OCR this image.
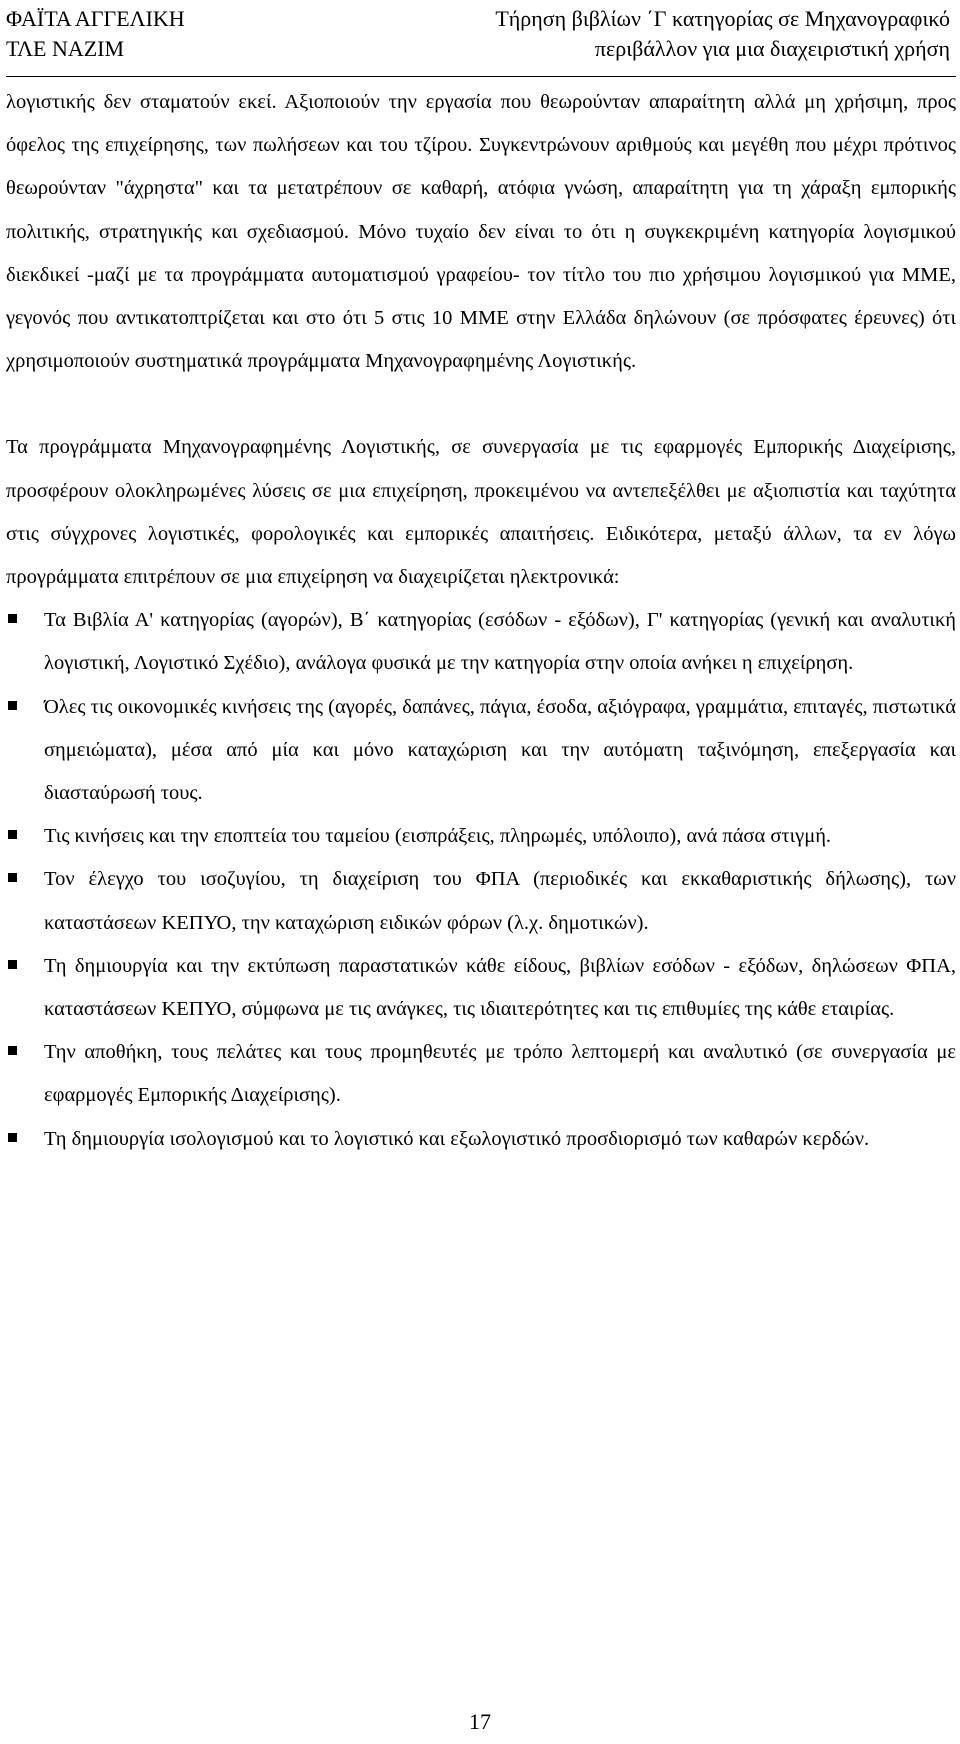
ΦΑΪΤΑ ΑΓΓΕΛΙΚΗ
ΤΛΕ ΝΑΖΙΜ
Τήρηση βιβλίων ΄Γ κατηγορίας σε Μηχανογραφικό
περιβάλλον για μια διαχειριστική χρήση

λογιστικής δεν σταματούν εκεί. Αξιοποιούν την εργασία που θεωρούνταν απαραίτητη αλλά μη χρήσιμη, προς όφελος της επιχείρησης, των πωλήσεων και του τζίρου. Συγκεντρώνουν αριθμούς και μεγέθη που μέχρι πρότινος θεωρούνταν "άχρηστα" και τα μετατρέπουν σε καθαρή, ατόφια γνώση, απαραίτητη για τη χάραξη εμπορικής πολιτικής, στρατηγικής και σχεδιασμού. Μόνο τυχαίο δεν είναι το ότι η συγκεκριμένη κατηγορία λογισμικού διεκδικεί -μαζί με τα προγράμματα αυτοματισμού γραφείου- τον τίτλο του πιο χρήσιμου λογισμικού για ΜΜΕ, γεγονός που αντικατοπτρίζεται και στο ότι 5 στις 10 ΜΜΕ στην Ελλάδα δηλώνουν (σε πρόσφατες έρευνες) ότι χρησιμοποιούν συστηματικά προγράμματα Μηχανογραφημένης Λογιστικής.

Τα προγράμματα Μηχανογραφημένης Λογιστικής, σε συνεργασία με τις εφαρμογές Εμπορικής Διαχείρισης, προσφέρουν ολοκληρωμένες λύσεις σε μια επιχείρηση, προκειμένου να αντεπεξέλθει με αξιοπιστία και ταχύτητα στις σύγχρονες λογιστικές, φορολογικές και εμπορικές απαιτήσεις. Ειδικότερα, μεταξύ άλλων, τα εν λόγω προγράμματα επιτρέπουν σε μια επιχείρηση να διαχειρίζεται ηλεκτρονικά:

Τα Βιβλία Α' κατηγορίας (αγορών), Β΄ κατηγορίας (εσόδων - εξόδων), Γ' κατηγορίας (γενική και αναλυτική λογιστική, Λογιστικό Σχέδιο), ανάλογα φυσικά με την κατηγορία στην οποία ανήκει η επιχείρηση.
Όλες τις οικονομικές κινήσεις της (αγορές, δαπάνες, πάγια, έσοδα, αξιόγραφα, γραμμάτια, επιταγές, πιστωτικά σημειώματα), μέσα από μία και μόνο καταχώριση και την αυτόματη ταξινόμηση, επεξεργασία και διασταύρωσή τους.
Τις κινήσεις και την εποπτεία του ταμείου (εισπράξεις, πληρωμές, υπόλοιπο), ανά πάσα στιγμή.
Τον έλεγχο του ισοζυγίου, τη διαχείριση του ΦΠΑ (περιοδικές και εκκαθαριστικής δήλωσης), των καταστάσεων ΚΕΠΥΟ, την καταχώριση ειδικών φόρων (λ.χ. δημοτικών).
Τη δημιουργία και την εκτύπωση παραστατικών κάθε είδους, βιβλίων εσόδων - εξόδων, δηλώσεων ΦΠΑ, καταστάσεων ΚΕΠΥΟ, σύμφωνα με τις ανάγκες, τις ιδιαιτερότητες και τις επιθυμίες της κάθε εταιρίας.
Την αποθήκη, τους πελάτες και τους προμηθευτές με τρόπο λεπτομερή και αναλυτικό (σε συνεργασία με εφαρμογές Εμπορικής Διαχείρισης).
Τη δημιουργία ισολογισμού και το λογιστικό και εξωλογιστικό προσδιορισμό των καθαρών κερδών.
17
